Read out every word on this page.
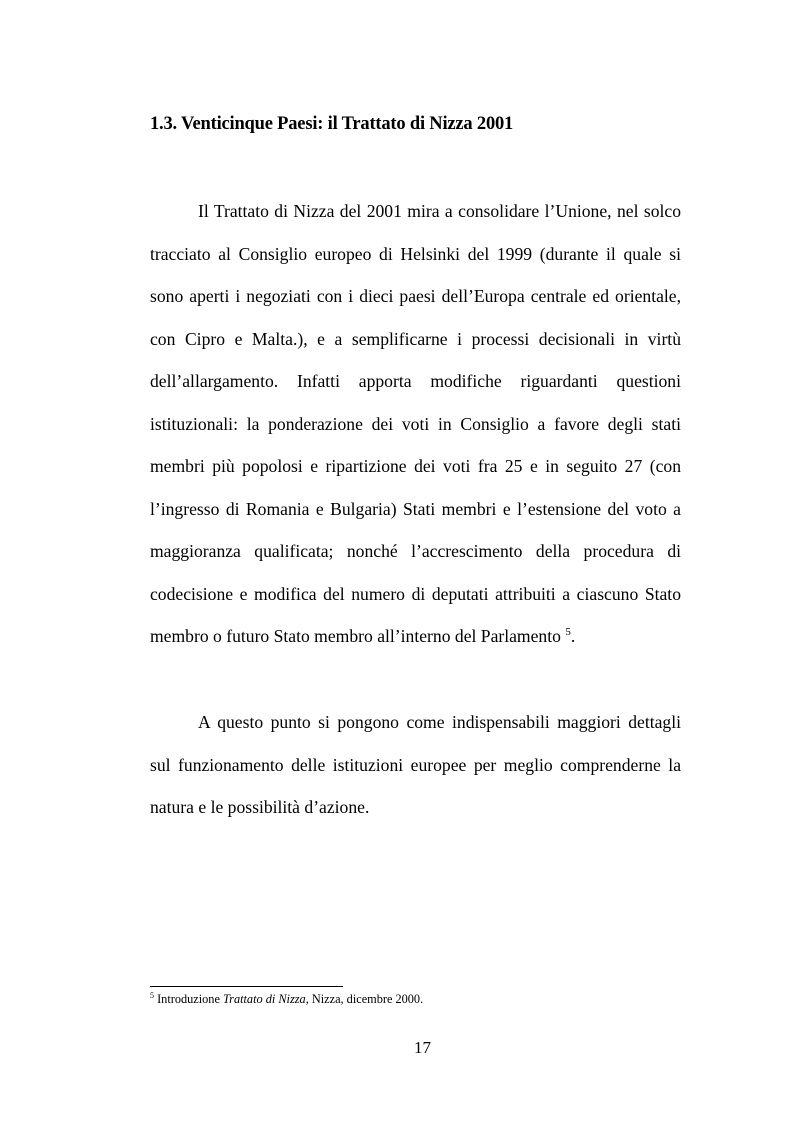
1.3. Venticinque Paesi: il Trattato di Nizza 2001

Il Trattato di Nizza del 2001 mira a consolidare l’Unione, nel solco tracciato al Consiglio europeo di Helsinki del 1999 (durante il quale si sono aperti i negoziati con i dieci paesi dell’Europa centrale ed orientale, con Cipro e Malta.), e a semplificarne i processi decisionali in virtù dell’allargamento. Infatti apporta modifiche riguardanti questioni istituzionali: la ponderazione dei voti in Consiglio a favore degli stati membri più popolosi e ripartizione dei voti fra 25 e in seguito 27 (con l’ingresso di Romania e Bulgaria) Stati membri e l’estensione del voto a maggioranza qualificata; nonché l’accrescimento della procedura di codecisione e modifica del numero di deputati attribuiti a ciascuno Stato membro o futuro Stato membro all’interno del Parlamento $^5$.

A questo punto si pongono come indispensabili maggiori dettagli sul funzionamento delle istituzioni europee per meglio comprenderne la natura e le possibilità d’azione.

$^5$ Introduzione Trattato di Nizza, Nizza, dicembre 2000.
17
